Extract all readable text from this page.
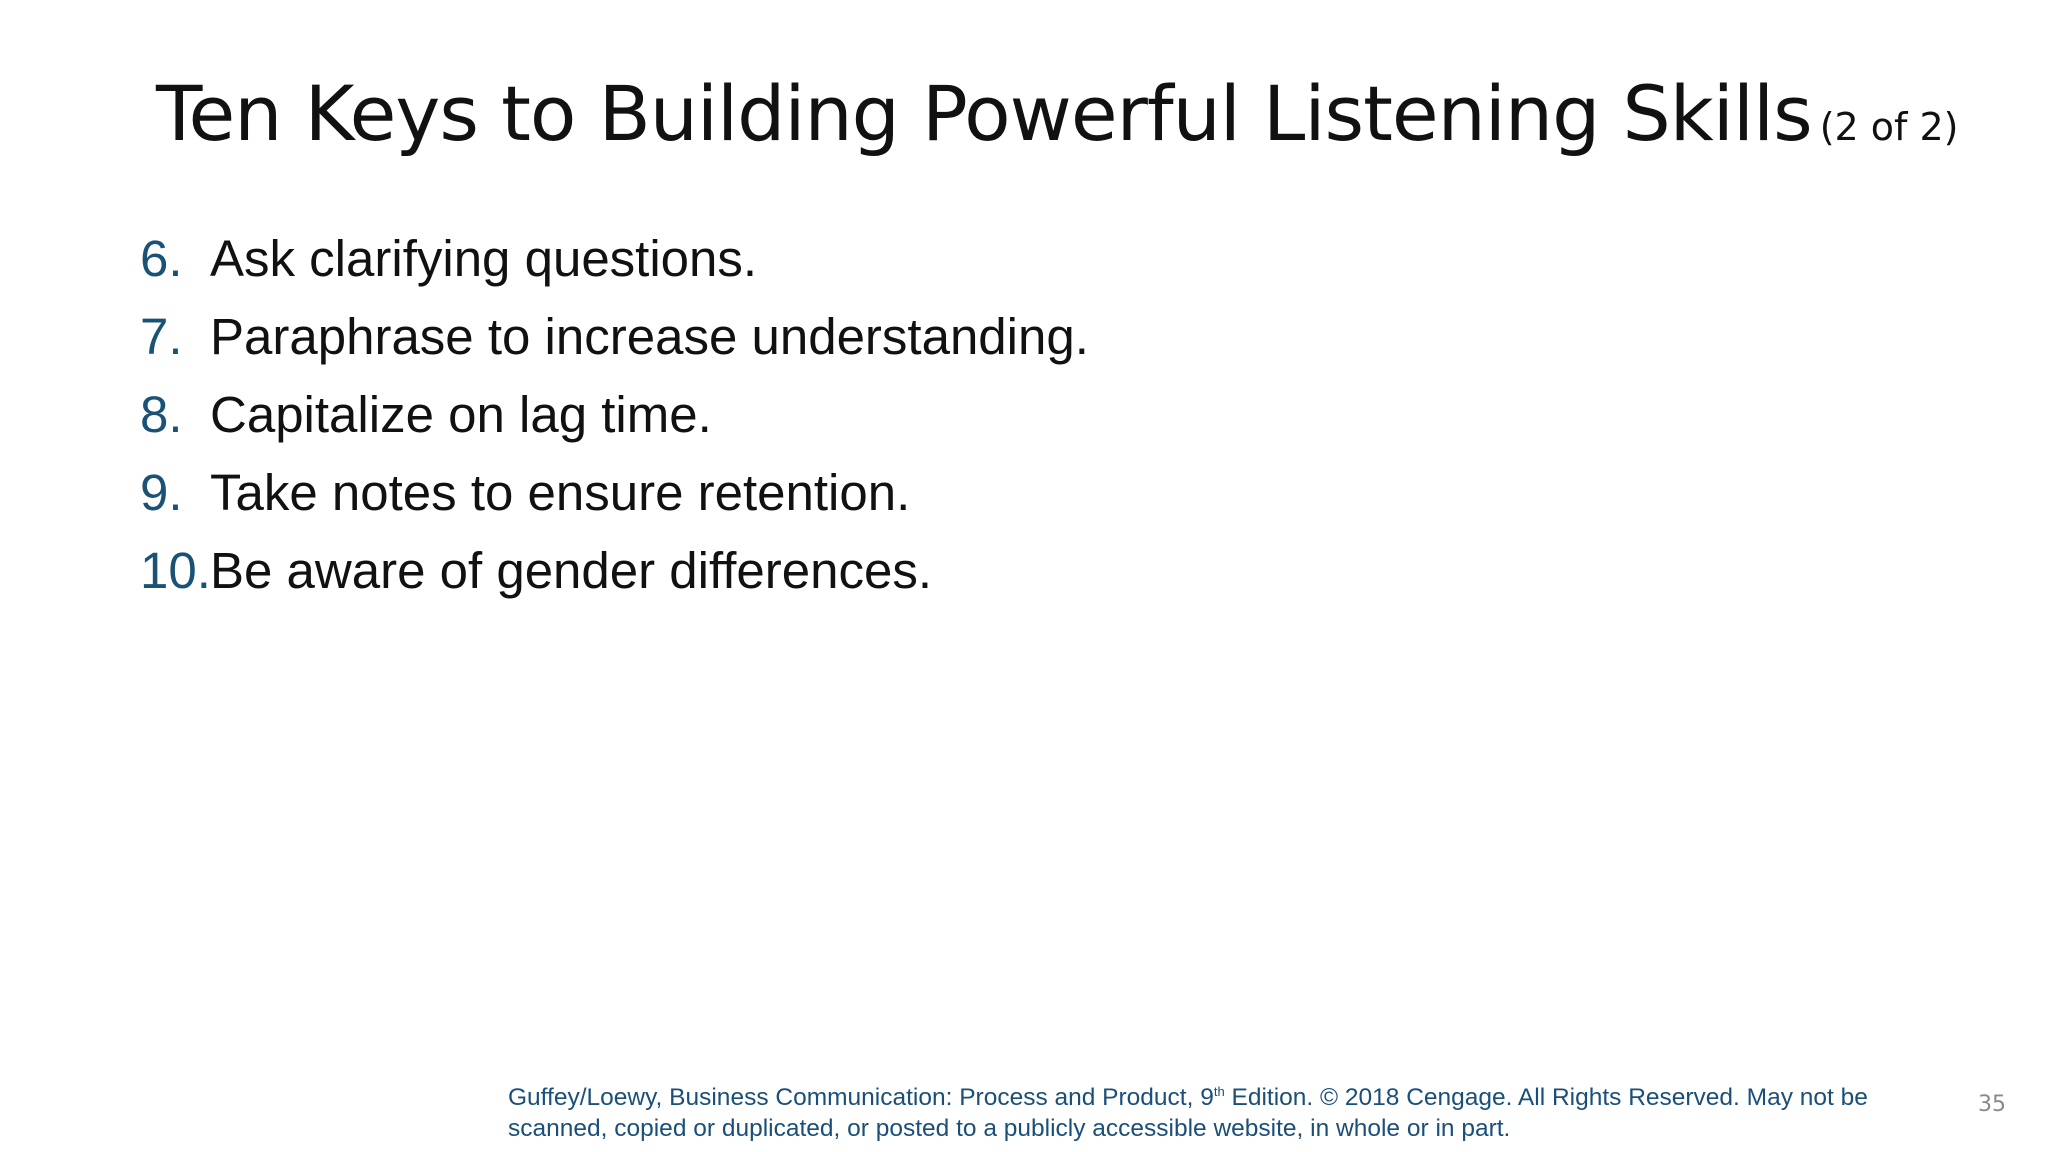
Ten Keys to Building Powerful Listening Skills (2 of 2)
6. Ask clarifying questions.
7. Paraphrase to increase understanding.
8. Capitalize on lag time.
9. Take notes to ensure retention.
10. Be aware of gender differences.
Guffey/Loewy, Business Communication: Process and Product, 9th Edition. © 2018 Cengage. All Rights Reserved. May not be scanned, copied or duplicated, or posted to a publicly accessible website, in whole or in part.
35
